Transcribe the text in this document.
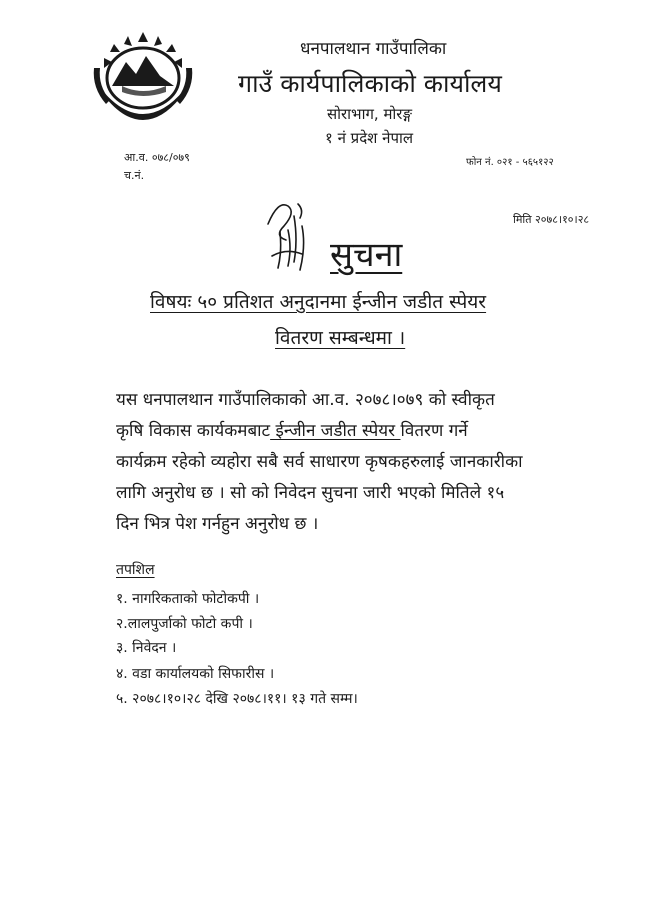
धनपालथान गाउँपालिका
गाउँ कार्यपालिकाको कार्यालय
सोराभाग, मोरङ्ग
१ नं प्रदेश नेपाल
आ.व. ०७८/०७९
च.नं.
फोन नं. ०२१ - ५६५१२२
मिति २०७८।१०।२८
सुचना
विषयः ५० प्रतिशत अनुदानमा ईन्जीन जडीत स्पेयर
वितरण सम्बन्धमा ।
यस धनपालथान गाउँपालिकाको आ.व. २०७८।०७९ को स्वीकृत
कृषि विकास कार्यकमबाट ईन्जीन जडीत स्पेयर वितरण गर्ने
कार्यक्रम रहेको व्यहोरा सबै सर्व साधारण कृषकहरुलाई जानकारीका
लागि अनुरोध छ । सो को निवेदन सुचना जारी भएको मितिले १५
दिन भित्र पेश गर्नहुन अनुरोध छ ।
तपशिल
१. नागरिकताको फोटोकपी ।
२.लालपुर्जाको फोटो कपी ।
३. निवेदन ।
४. वडा कार्यालयको सिफारीस ।
५. २०७८।१०।२८ देखि २०७८।११। १३ गते सम्म।
